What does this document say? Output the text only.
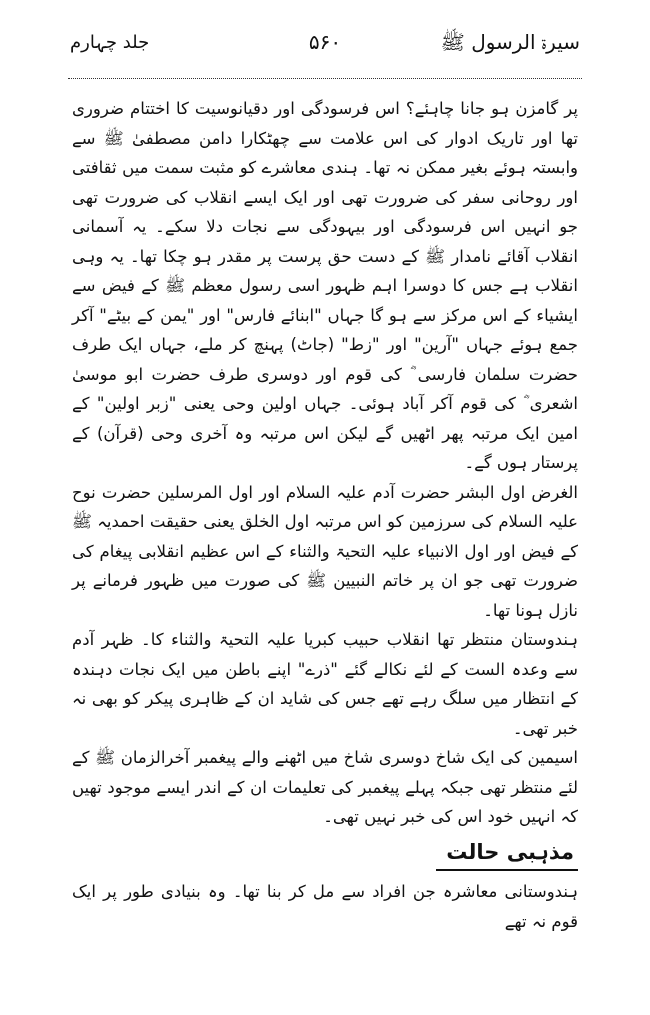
جلد چہارم	۵۶۰	سیرۃ الرسول ﷺ

پر گامزن ہو جانا چاہئے؟ اس فرسودگی اور دقیانوسیت کا اختتام ضروری تھا اور تاریک ادوار کی اس علامت سے چھٹکارا دامن مصطفیٰ ﷺ سے وابستہ ہوئے بغیر ممکن نہ تھا۔ ہندی معاشرے کو مثبت سمت میں ثقافتی اور روحانی سفر کی ضرورت تھی اور ایک ایسے انقلاب کی ضرورت تھی جو انہیں اس فرسودگی اور بیہودگی سے نجات دلا سکے۔ یہ آسمانی انقلاب آقائے نامدار ﷺ کے دست حق پرست پر مقدر ہو چکا تھا۔ یہ وہی انقلاب ہے جس کا دوسرا اہم ظہور اسی رسول معظم ﷺ کے فیض سے ایشیاء کے اس مرکز سے ہو گا جہاں "ابنائے فارس" اور "یمن کے بیٹے" آکر جمع ہوئے جہاں "آرین" اور "زط" (جاٹ) پہنچ کر ملے، جہاں ایک طرف حضرت سلمان فارسی ؓ کی قوم اور دوسری طرف حضرت ابو موسیٰ اشعری ؓ کی قوم آکر آباد ہوئی۔ جہاں اولین وحی یعنی "زبر اولین" کے امین ایک مرتبہ پھر اٹھیں گے لیکن اس مرتبہ وہ آخری وحی (قرآن) کے پرستار ہوں گے۔

الغرض اول البشر حضرت آدم علیہ السلام اور اول المرسلین حضرت نوح علیہ السلام کی سرزمین کو اس مرتبہ اول الخلق یعنی حقیقت احمدیہ ﷺ کے فیض اور اول الانبیاء علیہ التحیۃ والثناء کے اس عظیم انقلابی پیغام کی ضرورت تھی جو ان پر خاتم النبیین ﷺ کی صورت میں ظہور فرمانے پر نازل ہونا تھا۔

ہندوستان منتظر تھا انقلاب حبیب کبریا علیہ التحیۃ والثناء کا۔ ظہر آدم سے وعدہ الست کے لئے نکالے گئے "ذرے" اپنے باطن میں ایک نجات دہندہ کے انتظار میں سلگ رہے تھے جس کی شاید ان کے ظاہری پیکر کو بھی نہ خبر تھی۔

اسیمین کی ایک شاخ دوسری شاخ میں اٹھنے والے پیغمبر آخرالزمان ﷺ کے لئے منتظر تھی جبکہ پہلے پیغمبر کی تعلیمات ان کے اندر ایسے موجود تھیں کہ انہیں خود اس کی خبر نہیں تھی۔

مذہبی حالت

ہندوستانی معاشرہ جن افراد سے مل کر بنا تھا۔ وہ بنیادی طور پر ایک قوم نہ تھے
